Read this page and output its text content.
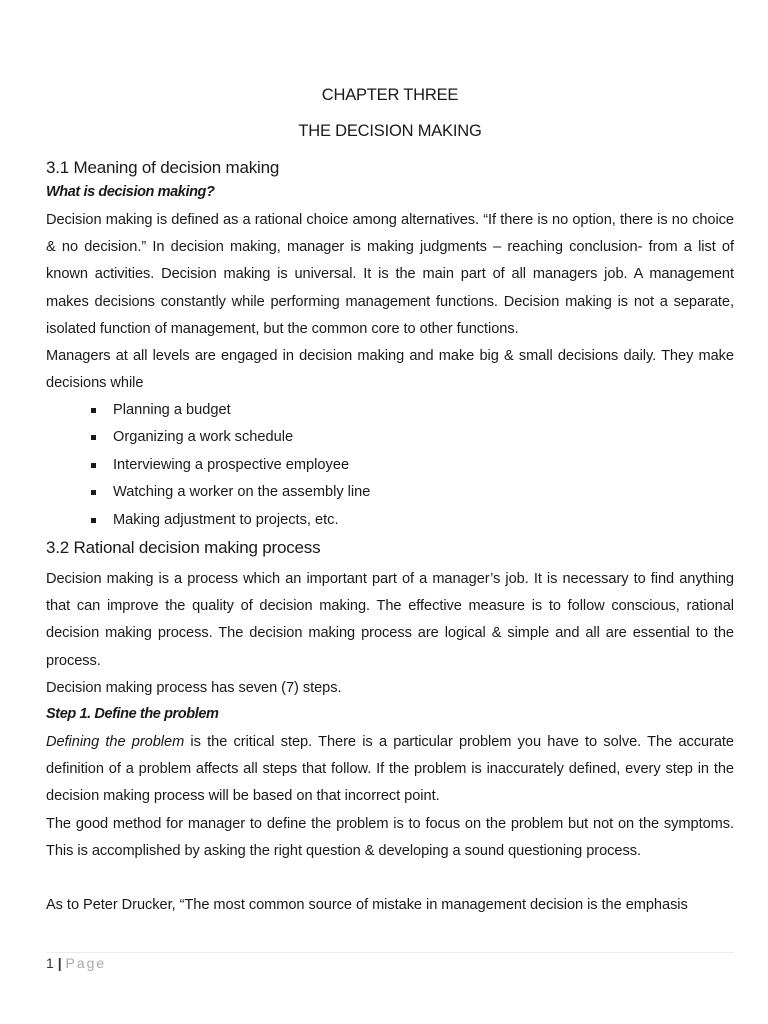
CHAPTER THREE
THE DECISION MAKING
3.1 Meaning of decision making
What is decision making?
Decision making is defined as a rational choice among alternatives. “If there is no option, there is no choice & no decision.” In decision making, manager is making judgments – reaching conclusion- from a list of known activities. Decision making is universal. It is the main part of all managers job. A management makes decisions constantly while performing management functions. Decision making is not a separate, isolated function of management, but the common core to other functions.
Managers at all levels are engaged in decision making and make big & small decisions daily. They make decisions while
Planning a budget
Organizing a work schedule
Interviewing a prospective employee
Watching a worker on the assembly line
Making adjustment to projects, etc.
3.2 Rational decision making process
Decision making is a process which an important part of a manager’s job. It is necessary to find anything that can improve the quality of decision making. The effective measure is to follow conscious, rational decision making process. The decision making process are logical & simple and all are essential to the process.
Decision making process has seven (7) steps.
Step 1. Define the problem
Defining the problem is the critical step. There is a particular problem you have to solve. The accurate definition of a problem affects all steps that follow. If the problem is inaccurately defined, every step in the decision making process will be based on that incorrect point.
The good method for manager to define the problem is to focus on the problem but not on the symptoms. This is accomplished by asking the right question & developing a sound questioning process.
As to Peter Drucker, “The most common source of mistake in management decision is the emphasis
1 | Page
